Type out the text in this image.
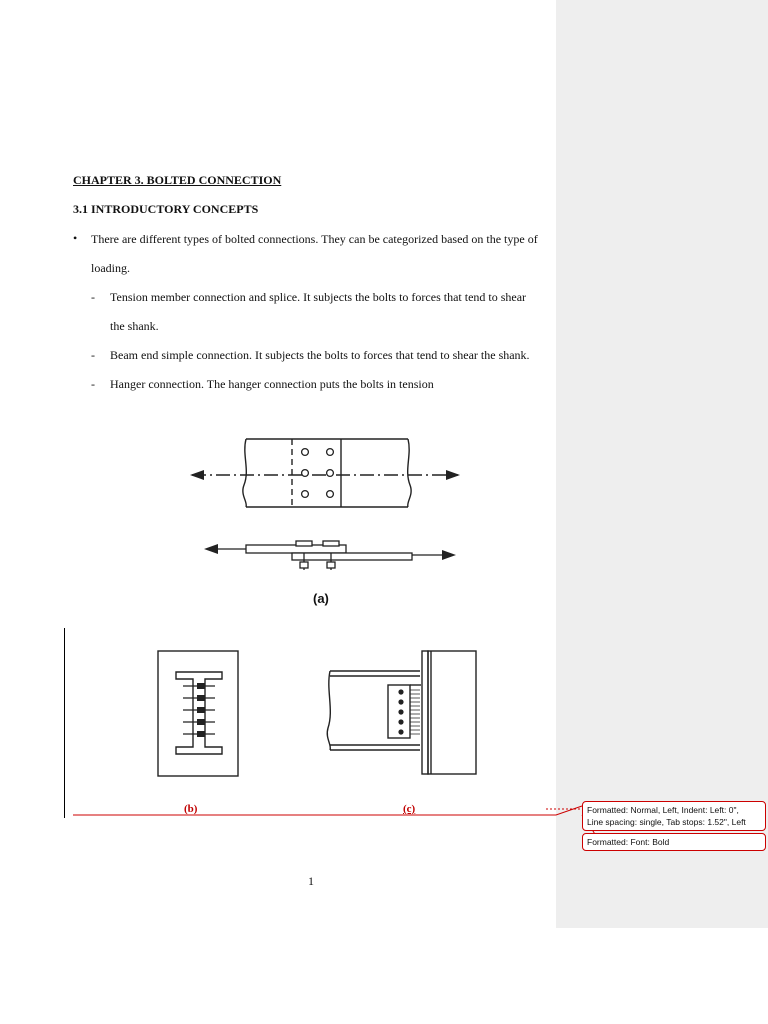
CHAPTER 3. BOLTED CONNECTION
3.1 INTRODUCTORY CONCEPTS
• There are different types of bolted connections. They can be categorized based on the type of
loading.
- Tension member connection and splice. It subjects the bolts to forces that tend to shear
the shank.
- Beam end simple connection. It subjects the bolts to forces that tend to shear the shank.
- Hanger connection. The hanger connection puts the bolts in tension
(a)
(b)	(c)	Formatted: Normal, Left, Indent: Left: 0",
Line spacing: single, Tab stops: 1.52", Left
Formatted: Font: Bold
1
